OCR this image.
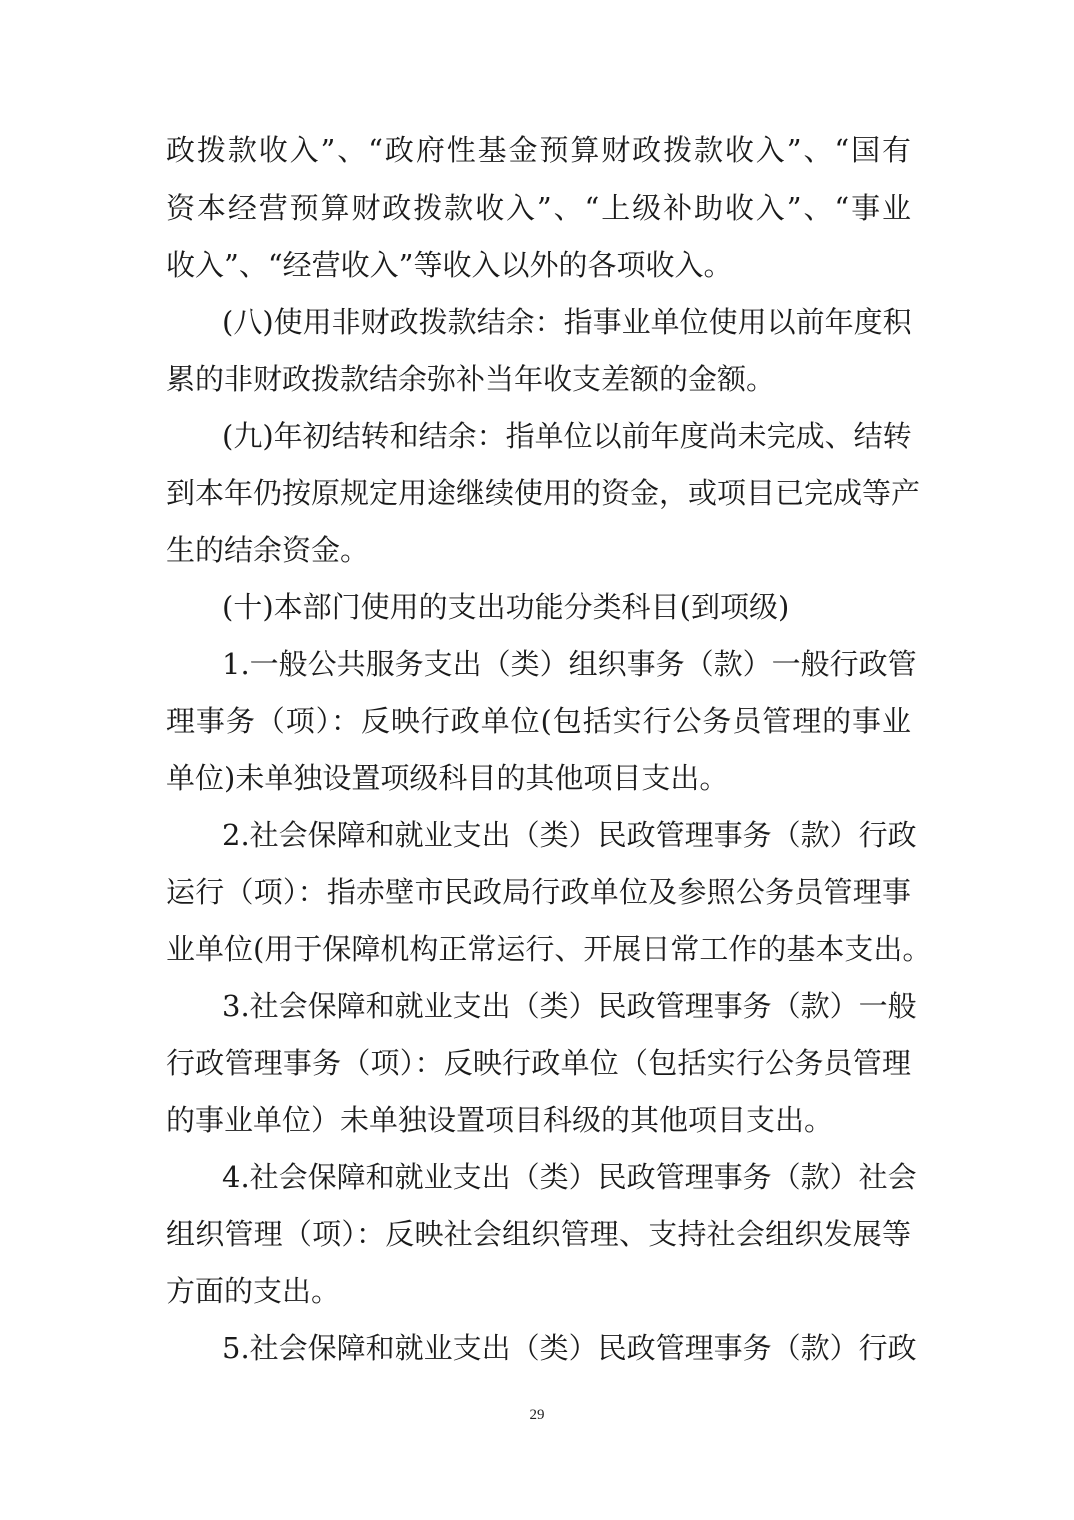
政拨款收入”、“政府性基金预算财政拨款收入”、“国有
资本经营预算财政拨款收入”、“上级补助收入”、“事业
收入”、“经营收入”等收入以外的各项收入。
(八)使用非财政拨款结余：指事业单位使用以前年度积
累的非财政拨款结余弥补当年收支差额的金额。
(九)年初结转和结余：指单位以前年度尚未完成、结转
到本年仍按原规定用途继续使用的资金，或项目已完成等产
生的结余资金。
(十)本部门使用的支出功能分类科目(到项级)
1.一般公共服务支出（类）组织事务（款）一般行政管
理事务（项）：反映行政单位(包括实行公务员管理的事业
单位)未单独设置项级科目的其他项目支出。
2.社会保障和就业支出（类）民政管理事务（款）行政
运行（项）：指赤壁市民政局行政单位及参照公务员管理事
业单位(用于保障机构正常运行、开展日常工作的基本支出。
3.社会保障和就业支出（类）民政管理事务（款）一般
行政管理事务（项）：反映行政单位（包括实行公务员管理
的事业单位）未单独设置项目科级的其他项目支出。
4.社会保障和就业支出（类）民政管理事务（款）社会
组织管理（项）：反映社会组织管理、支持社会组织发展等
方面的支出。
5.社会保障和就业支出（类）民政管理事务（款）行政
29
